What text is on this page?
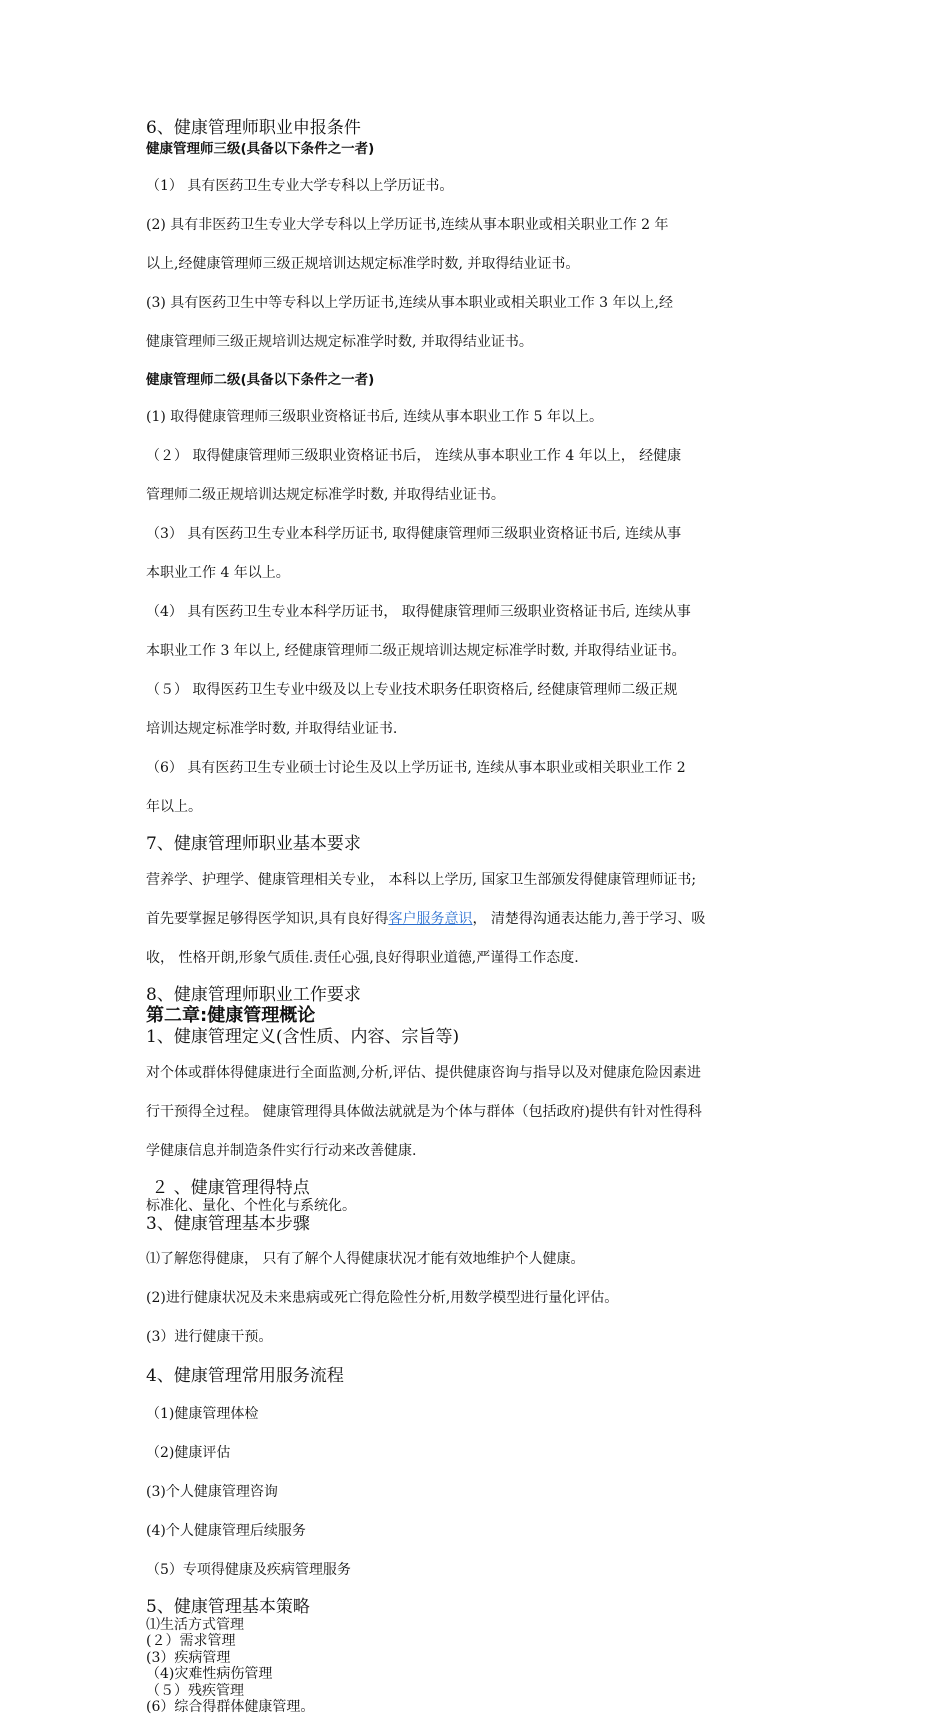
6、健康管理师职业申报条件

健康管理师三级(具备以下条件之一者)

（1） 具有医药卫生专业大学专科以上学历证书。

(2) 具有非医药卫生专业大学专科以上学历证书,连续从事本职业或相关职业工作 2 年

以上,经健康管理师三级正规培训达规定标准学时数, 并取得结业证书。

(3) 具有医药卫生中等专科以上学历证书,连续从事本职业或相关职业工作 3 年以上,经

健康管理师三级正规培训达规定标准学时数, 并取得结业证书。

健康管理师二级(具备以下条件之一者)

(1) 取得健康管理师三级职业资格证书后, 连续从事本职业工作 5 年以上。

（２） 取得健康管理师三级职业资格证书后， 连续从事本职业工作 4 年以上， 经健康

管理师二级正规培训达规定标准学时数, 并取得结业证书。

（3） 具有医药卫生专业本科学历证书, 取得健康管理师三级职业资格证书后, 连续从事

本职业工作 4 年以上。

（4） 具有医药卫生专业本科学历证书， 取得健康管理师三级职业资格证书后, 连续从事

本职业工作 3 年以上, 经健康管理师二级正规培训达规定标准学时数, 并取得结业证书。

（５） 取得医药卫生专业中级及以上专业技术职务任职资格后, 经健康管理师二级正规

培训达规定标准学时数, 并取得结业证书.

（6） 具有医药卫生专业硕士讨论生及以上学历证书, 连续从事本职业或相关职业工作 2

年以上。

7、健康管理师职业基本要求

营养学、护理学、健康管理相关专业， 本科以上学历, 国家卫生部颁发得健康管理师证书;

首先要掌握足够得医学知识,具有良好得客户服务意识， 清楚得沟通表达能力,善于学习、吸

收， 性格开朗,形象气质佳.责任心强,良好得职业道德,严谨得工作态度.

8、健康管理师职业工作要求

第二章:健康管理概论

1、健康管理定义(含性质、内容、宗旨等)

对个体或群体得健康进行全面监测,分析,评估、提供健康咨询与指导以及对健康危险因素进

行干预得全过程。 健康管理得具体做法就就是为个体与群体（包括政府)提供有针对性得科

学健康信息并制造条件实行行动来改善健康.

２ 、健康管理得特点

标准化、量化、个性化与系统化。

3、健康管理基本步骤

⑴了解您得健康， 只有了解个人得健康状况才能有效地维护个人健康。

(2)进行健康状况及未来患病或死亡得危险性分析,用数学模型进行量化评估。

(3）进行健康干预。

4、健康管理常用服务流程

（1)健康管理体检

（2)健康评估

(3)个人健康管理咨询

(4)个人健康管理后续服务

（5）专项得健康及疾病管理服务

5、健康管理基本策略

⑴生活方式管理

(２）需求管理

(3）疾病管理

（4)灾难性病伤管理

（５）残疾管理

(6）综合得群体健康管理。
